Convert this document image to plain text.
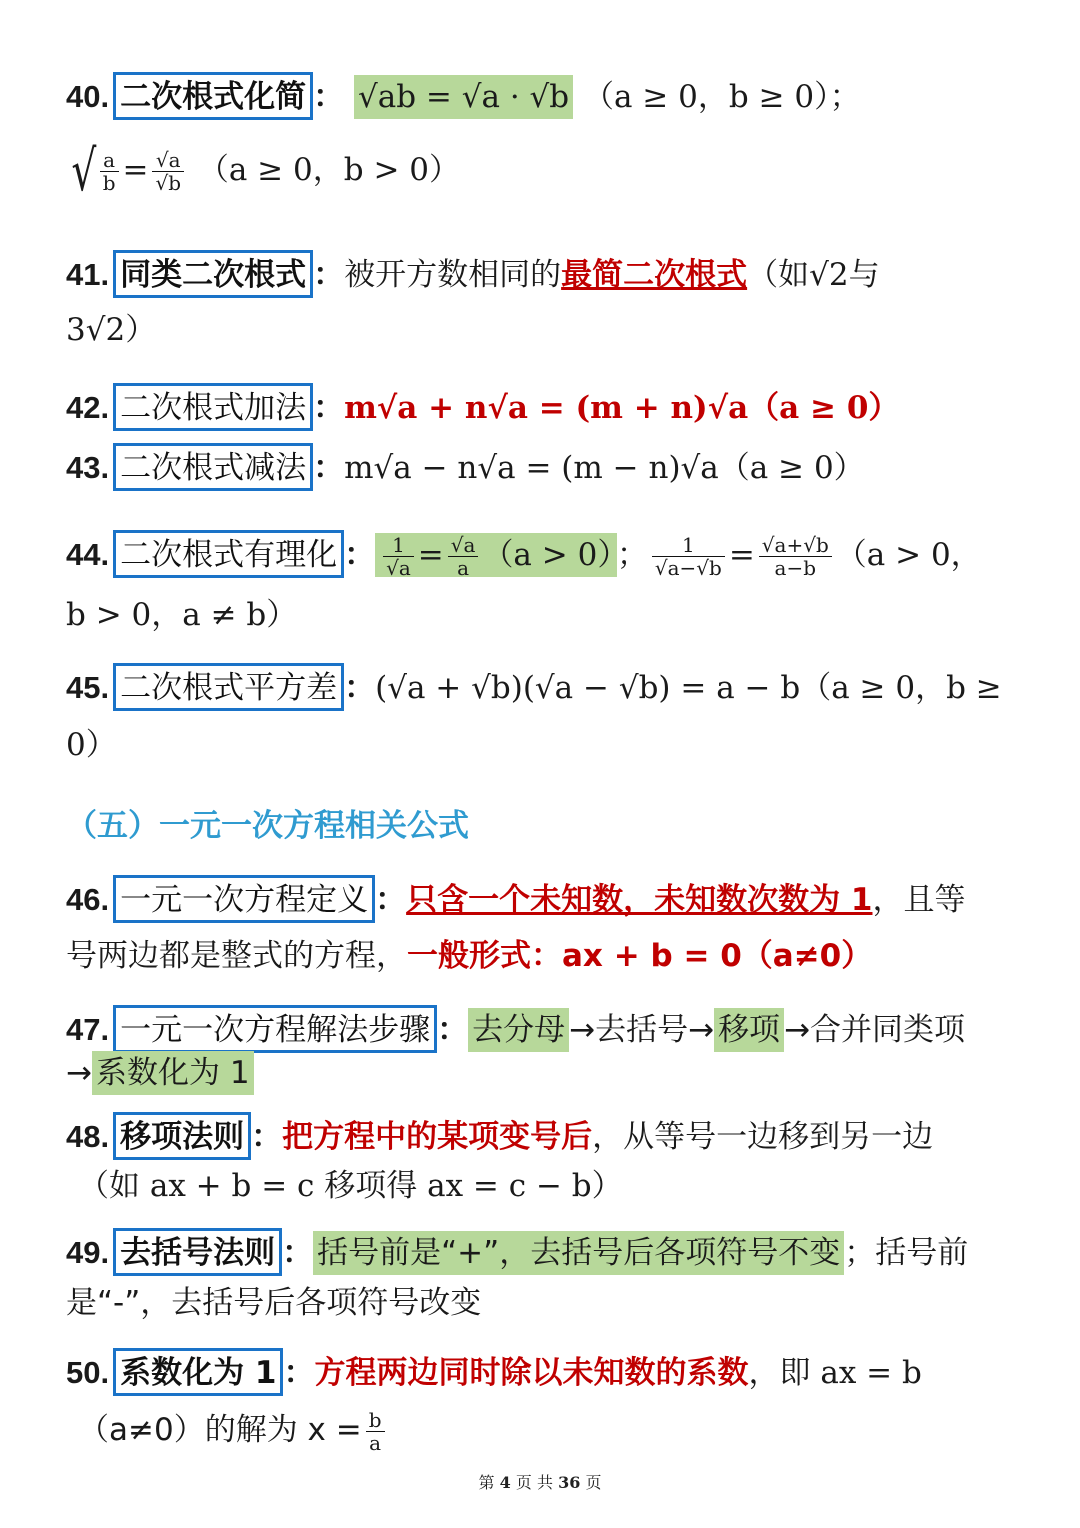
40. 二次根式化简 ： √ab = √a · √b （a ≥ 0，b ≥ 0）；
√ $\frac{a}{b} = \frac{√a}{√b} (a \ge 0$，b > 0）
41. 同类二次根式 ：被开方数相同的最简二次根式（如√2与
3√2）
42. 二次根式加法 ：m√a + n√a = (m + n)√a（a ≥ 0）
43. 二次根式减法 ：m√a − n√a = (m − n)√a（a ≥ 0）
44. 二次根式有理化 ： $\frac{1}{√a} = \frac{√a}{a} (a > 0)$ ； $\frac{1}{√a-√b} = \frac{√a+√b}{a-b} (a > 0$，
b > 0，a ≠ b）
45. 二次根式平方差 ：(√a + √b)(√a − √b) = a − b（a ≥ 0，b ≥
0）
（五）一元一次方程相关公式
46. 一元一次方程定义 ：只含一个未知数，未知数次数为 1，且等
号两边都是整式的方程，一般形式：ax + b = 0（a≠0）
47. 一元一次方程解法步骤 ： 去分母 →去括号→ 移项 →合并同类项
→ 系数化为 1
48. 移项法则 ：把方程中的某项变号后，从等号一边移到另一边
（如 ax + b = c 移项得 ax = c − b）
49. 去括号法则 ： 括号前是“+”，去括号后各项符号不变 ；括号前
是“-”，去括号后各项符号改变
50. 系数化为 1 ：方程两边同时除以未知数的系数，即 ax = b
（a≠0）的解为 $x = \frac{b}{a}$
第 4 页 共 36 页
